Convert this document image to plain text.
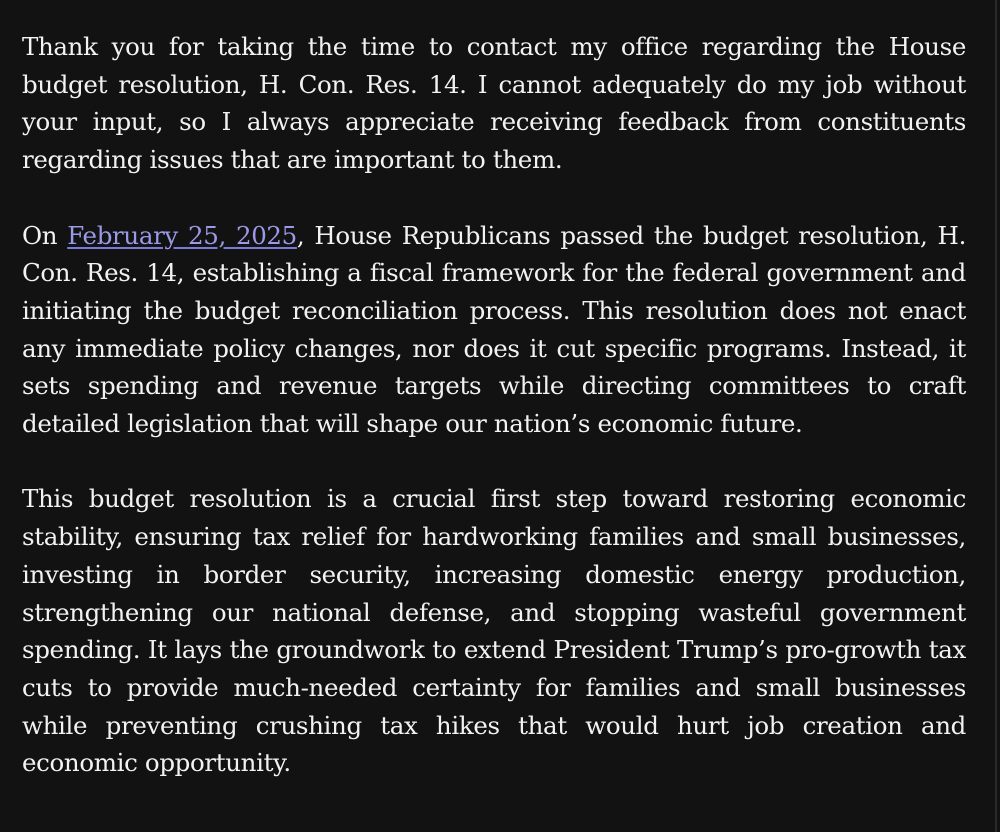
Thank you for taking the time to contact my office regarding the House budget resolution, H. Con. Res. 14. I cannot adequately do my job without your input, so I always appreciate receiving feedback from constituents regarding issues that are important to them.

On February 25, 2025, House Republicans passed the budget resolution, H. Con. Res. 14, establishing a fiscal framework for the federal government and initiating the budget reconciliation process. This resolution does not enact any immediate policy changes, nor does it cut specific programs. Instead, it sets spending and revenue targets while directing committees to craft detailed legislation that will shape our nation’s economic future.

This budget resolution is a crucial first step toward restoring economic stability, ensuring tax relief for hardworking families and small businesses, investing in border security, increasing domestic energy production, strengthening our national defense, and stopping wasteful government spending. It lays the groundwork to extend President Trump’s pro-growth tax cuts to provide much-needed certainty for families and small businesses while preventing crushing tax hikes that would hurt job creation and economic opportunity.
